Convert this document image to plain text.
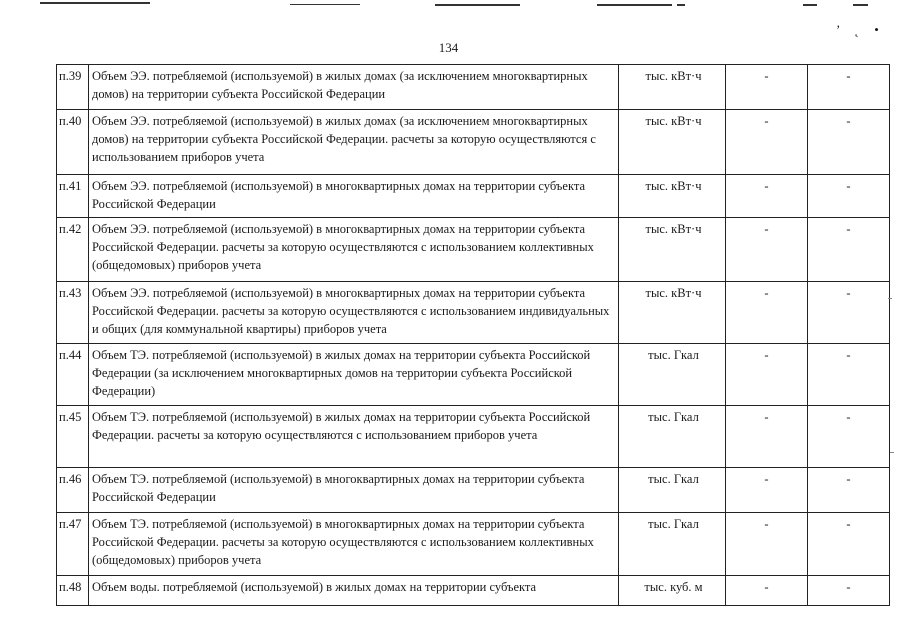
’ ˛ •
134
п.39	Объем ЭЭ. потребляемой (используемой) в жилых домах (за исключением многоквартирных домов) на территории субъекта Российской Федерации	тыс. кВт·ч	-	-
п.40	Объем ЭЭ. потребляемой (используемой) в жилых домах (за исключением многоквартирных домов) на территории субъекта Российской Федерации. расчеты за которую осуществляются с использованием приборов учета	тыс. кВт·ч	-	-
п.41	Объем ЭЭ. потребляемой (используемой) в многоквартирных домах на территории субъекта Российской Федерации	тыс. кВт·ч	-	-
п.42	Объем ЭЭ. потребляемой (используемой) в многоквартирных домах на территории субъекта Российской Федерации. расчеты за которую осуществляются с использованием коллективных (общедомовых) приборов учета	тыс. кВт·ч	-	-
п.43	Объем ЭЭ. потребляемой (используемой) в многоквартирных домах на территории субъекта Российской Федерации. расчеты за которую осуществляются с использованием индивидуальных и общих (для коммунальной квартиры) приборов учета	тыс. кВт·ч	-	-
п.44	Объем ТЭ. потребляемой (используемой) в жилых домах на территории субъекта Российской Федерации (за исключением многоквартирных домов на территории субъекта Российской Федерации)	тыс. Гкал	-	-
п.45	Объем ТЭ. потребляемой (используемой) в жилых домах на территории субъекта Российской Федерации. расчеты за которую осуществляются с использованием приборов учета	тыс. Гкал	-	-
п.46	Объем ТЭ. потребляемой (используемой) в многоквартирных домах на территории субъекта Российской Федерации	тыс. Гкал	-	-
п.47	Объем ТЭ. потребляемой (используемой) в многоквартирных домах на территории субъекта Российской Федерации. расчеты за которую осуществляются с использованием коллективных (общедомовых) приборов учета	тыс. Гкал	-	-
п.48	Объем воды. потребляемой (используемой) в жилых домах на территории субъекта	тыс. куб. м	-	-
